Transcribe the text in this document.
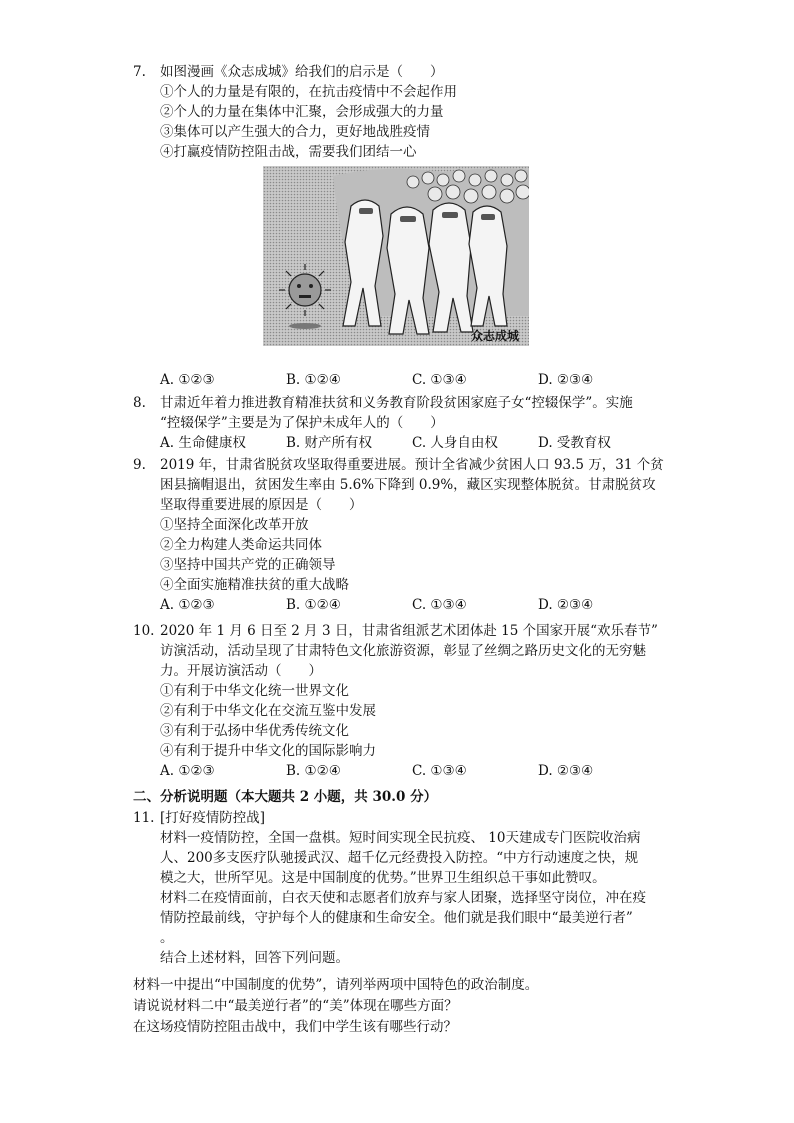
7.	如图漫画《众志成城》给我们的启示是（　　）
①个人的力量是有限的，在抗击疫情中不会起作用
②个人的力量在集体中汇聚，会形成强大的力量
③集体可以产生强大的合力，更好地战胜疫情
④打赢疫情防控阻击战，需要我们团结一心
众志成城
A. ①②③	B. ①②④	C. ①③④	D. ②③④
8.	甘肃近年着力推进教育精准扶贫和义务教育阶段贫困家庭子女“控辍保学”。实施
“控辍保学”主要是为了保护未成年人的（　　）
A. 生命健康权	B. 财产所有权	C. 人身自由权	D. 受教育权
9.	2019 年，甘肃省脱贫攻坚取得重要进展。预计全省减少贫困人口 93.5 万，31 个贫
困县摘帽退出，贫困发生率由 5.6%下降到 0.9%，藏区实现整体脱贫。甘肃脱贫攻
坚取得重要进展的原因是（　　）
①坚持全面深化改革开放
②全力构建人类命运共同体
③坚持中国共产党的正确领导
④全面实施精准扶贫的重大战略
A. ①②③	B. ①②④	C. ①③④	D. ②③④
10. 2020 年 1 月 6 日至 2 月 3 日，甘肃省组派艺术团体赴 15 个国家开展“欢乐春节”
访演活动，活动呈现了甘肃特色文化旅游资源，彰显了丝绸之路历史文化的无穷魅
力。开展访演活动（　　）
①有利于中华文化统一世界文化
②有利于中华文化在交流互鉴中发展
③有利于弘扬中华优秀传统文化
④有利于提升中华文化的国际影响力
A. ①②③	B. ①②④	C. ①③④	D. ②③④
二、分析说明题（本大题共 2 小题，共 30.0 分）
11. [打好疫情防控战]
材料一疫情防控，全国一盘棋。短时间实现全民抗疫、 10天建成专门医院收治病
人、200多支医疗队驰援武汉、超千亿元经费投入防控。“中方行动速度之快，规
模之大，世所罕见。这是中国制度的优势。”世界卫生组织总干事如此赞叹。
材料二在疫情面前，白衣天使和志愿者们放弃与家人团聚，选择坚守岗位，冲在疫
情防控最前线，守护每个人的健康和生命安全。他们就是我们眼中“最美逆行者”
。
结合上述材料，回答下列问题。
材料一中提出“中国制度的优势”，请列举两项中国特色的政治制度。
请说说材料二中“最美逆行者”的“美”体现在哪些方面？
在这场疫情防控阻击战中，我们中学生该有哪些行动？
